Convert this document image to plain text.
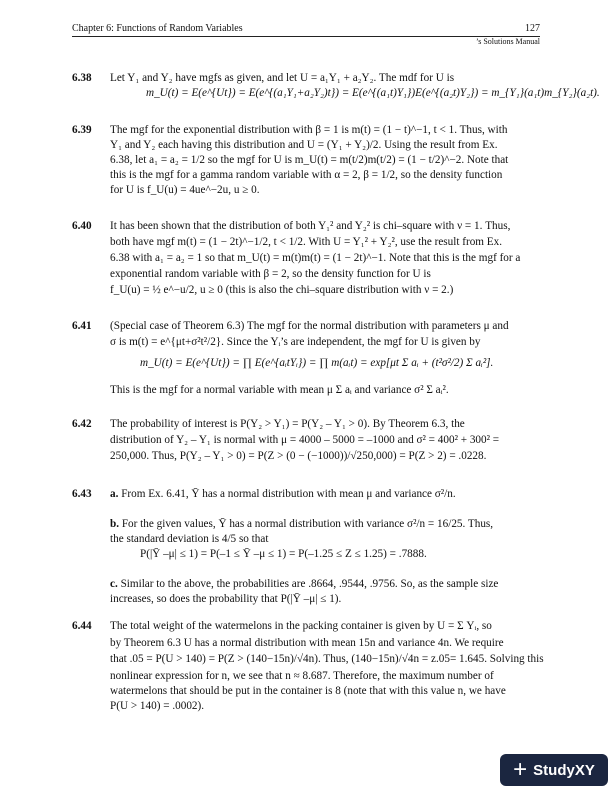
Chapter 6: Functions of Random Variables	127
’s Solutions Manual
6.38 Let Y₁ and Y₂ have mgfs as given, and let U = a₁Y₁ + a₂Y₂. The mdf for U is
m_U(t) = E(e^{Ut}) = E(e^{(a₁Y₁+a₂Y₂)t}) = E(e^{(a₁t)Y₁})E(e^{(a₂t)Y₂}) = m_{Y₁}(a₁t)m_{Y₂}(a₂t).
6.39 The mgf for the exponential distribution with β = 1 is m(t) = (1 − t)^−1, t < 1. Thus, with
Y₁ and Y₂ each having this distribution and U = (Y₁ + Y₂)/2. Using the result from Ex.
6.38, let a₁ = a₂ = 1/2 so the mgf for U is m_U(t) = m(t/2)m(t/2) = (1 − t/2)^−2. Note that
this is the mgf for a gamma random variable with α = 2, β = 1/2, so the density function
for U is f_U(u) = 4ue^−2u, u ≥ 0.
6.40 It has been shown that the distribution of both Y₁² and Y₂² is chi–square with ν = 1. Thus,
both have mgf m(t) = (1 − 2t)^−1/2, t < 1/2. With U = Y₁² + Y₂², use the result from Ex.
6.38 with a₁ = a₂ = 1 so that m_U(t) = m(t)m(t) = (1 − 2t)^−1. Note that this is the mgf for a
exponential random variable with β = 2, so the density function for U is
f_U(u) = ½ e^−u/2, u ≥ 0 (this is also the chi–square distribution with ν = 2.)
6.41 (Special case of Theorem 6.3) The mgf for the normal distribution with parameters μ and
σ is m(t) = e^{μt+σ²t²/2}. Since the Yᵢ’s are independent, the mgf for U is given by
m_U(t) = E(e^{Ut}) = ∏ E(e^{aᵢtYᵢ}) = ∏ m(aᵢt) = exp[μt Σ aᵢ + (t²σ²/2) Σ aᵢ²].
This is the mgf for a normal variable with mean μ Σ aᵢ and variance σ² Σ aᵢ².
6.42 The probability of interest is P(Y₂ > Y₁) = P(Y₂ – Y₁ > 0). By Theorem 6.3, the
distribution of Y₂ – Y₁ is normal with μ = 4000 – 5000 = –1000 and σ² = 400² + 300² =
250,000. Thus, P(Y₂ – Y₁ > 0) = P(Z > (0 − (−1000))/√250,000) = P(Z > 2) = .0228.
6.43 a. From Ex. 6.41, Ȳ has a normal distribution with mean μ and variance σ²/n.
b. For the given values, Ȳ has a normal distribution with variance σ²/n = 16/25. Thus,
the standard deviation is 4/5 so that
P(|Ȳ –μ| ≤ 1) = P(–1 ≤ Ȳ –μ ≤ 1) = P(–1.25 ≤ Z ≤ 1.25) = .7888.
c. Similar to the above, the probabilities are .8664, .9544, .9756. So, as the sample size
increases, so does the probability that P(|Ȳ –μ| ≤ 1).
6.44 The total weight of the watermelons in the packing container is given by U = Σ Yᵢ, so
by Theorem 6.3 U has a normal distribution with mean 15n and variance 4n. We require
that .05 = P(U > 140) = P(Z > (140−15n)/√4n). Thus, (140−15n)/√4n = z.05= 1.645. Solving this
nonlinear expression for n, we see that n ≈ 8.687. Therefore, the maximum number of
watermelons that should be put in the container is 8 (note that with this value n, we have
P(U > 140) = .0002).
+ StudyXY
